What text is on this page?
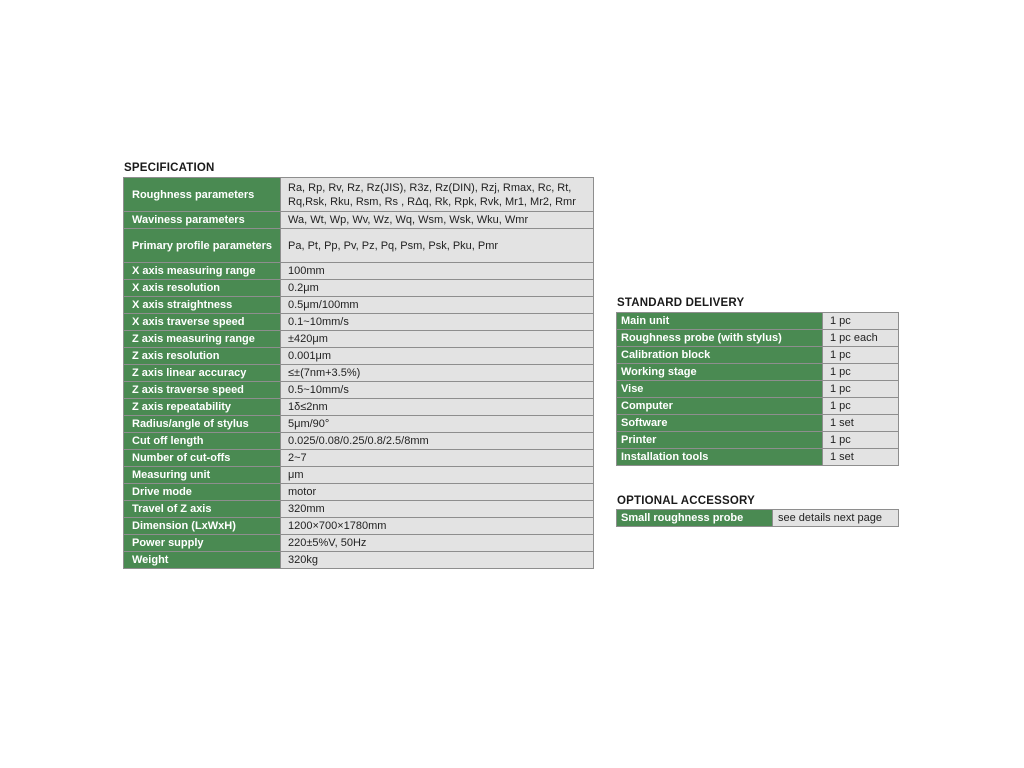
SPECIFICATION
Roughness parameters	Ra, Rp, Rv, Rz, Rz(JIS), R3z, Rz(DIN), Rzj, Rmax, Rc, Rt, Rq,Rsk, Rku, Rsm, Rs , RΔq, Rk, Rpk, Rvk, Mr1, Mr2, Rmr
Waviness parameters	Wa, Wt, Wp, Wv, Wz, Wq, Wsm, Wsk, Wku, Wmr
Primary profile parameters	Pa, Pt, Pp, Pv, Pz, Pq, Psm, Psk, Pku, Pmr
X axis measuring range	100mm
X axis resolution	0.2μm
X axis straightness	0.5μm/100mm
X axis traverse speed	0.1~10mm/s
Z axis measuring range	±420μm
Z axis resolution	0.001μm
Z axis linear accuracy	≤±(7nm+3.5%)
Z axis traverse speed	0.5~10mm/s
Z axis repeatability	1δ≤2nm
Radius/angle of stylus	5μm/90°
Cut off length	0.025/0.08/0.25/0.8/2.5/8mm
Number of cut-offs	2~7
Measuring unit	μm
Drive mode	motor
Travel of Z axis	320mm
Dimension (LxWxH)	1200×700×1780mm
Power supply	220±5%V, 50Hz
Weight	320kg
STANDARD DELIVERY
Main unit	1 pc
Roughness probe (with stylus)	1 pc each
Calibration block	1 pc
Working stage	1 pc
Vise	1 pc
Computer	1 pc
Software	1 set
Printer	1 pc
Installation tools	1 set
OPTIONAL ACCESSORY
Small roughness probe	see details next page
